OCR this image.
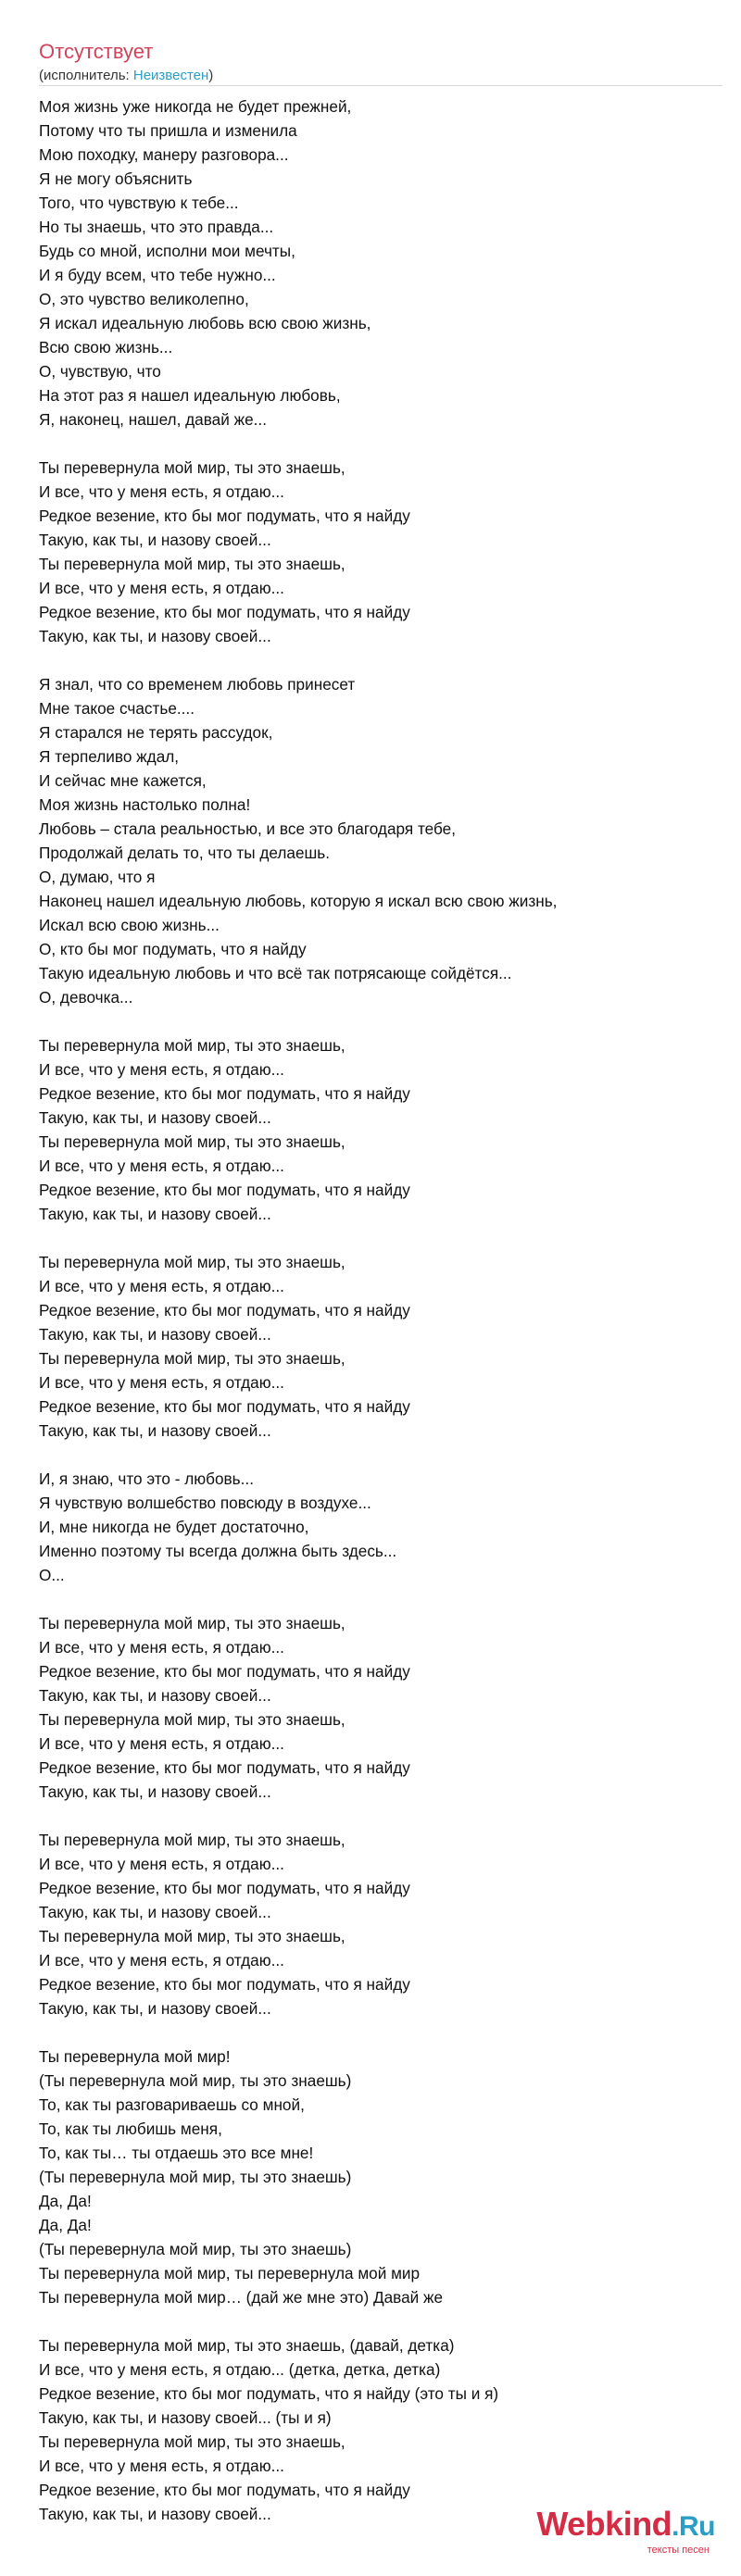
Отсутствует
(исполнитель: Неизвестен)
Моя жизнь уже никогда не будет прежней,
Потому что ты пришла и изменила
Мою походку, манеру разговора...
Я не могу объяснить
Того, что чувствую к тебе...
Но ты знаешь, что это правда...
Будь со мной, исполни мои мечты,
И я буду всем, что тебе нужно...
О, это чувство великолепно,
Я искал идеальную любовь всю свою жизнь,
Всю свою жизнь...
О, чувствую, что
На этот раз я нашел идеальную любовь,
Я, наконец, нашел, давай же...
Ты перевернула мой мир, ты это знаешь,
И все, что у меня есть, я отдаю...
Редкое везение, кто бы мог подумать, что я найду
Такую, как ты, и назову своей...
Ты перевернула мой мир, ты это знаешь,
И все, что у меня есть, я отдаю...
Редкое везение, кто бы мог подумать, что я найду
Такую, как ты, и назову своей...
Я знал, что со временем любовь принесет
Мне такое счастье....
Я старался не терять рассудок,
Я терпеливо ждал,
И сейчас мне кажется,
Моя жизнь настолько полна!
Любовь – стала реальностью, и все это благодаря тебе,
Продолжай делать то, что ты делаешь.
О, думаю, что я
Наконец нашел идеальную любовь, которую я искал всю свою жизнь,
Искал всю свою жизнь...
О, кто бы мог подумать, что я найду
Такую идеальную любовь и что всё так потрясающе сойдётся...
О, девочка...
Ты перевернула мой мир, ты это знаешь,
И все, что у меня есть, я отдаю...
Редкое везение, кто бы мог подумать, что я найду
Такую, как ты, и назову своей...
Ты перевернула мой мир, ты это знаешь,
И все, что у меня есть, я отдаю...
Редкое везение, кто бы мог подумать, что я найду
Такую, как ты, и назову своей...
Ты перевернула мой мир, ты это знаешь,
И все, что у меня есть, я отдаю...
Редкое везение, кто бы мог подумать, что я найду
Такую, как ты, и назову своей...
Ты перевернула мой мир, ты это знаешь,
И все, что у меня есть, я отдаю...
Редкое везение, кто бы мог подумать, что я найду
Такую, как ты, и назову своей...
И, я знаю, что это - любовь...
Я чувствую волшебство повсюду в воздухе...
И, мне никогда не будет достаточно,
Именно поэтому ты всегда должна быть здесь...
О...
Ты перевернула мой мир, ты это знаешь,
И все, что у меня есть, я отдаю...
Редкое везение, кто бы мог подумать, что я найду
Такую, как ты, и назову своей...
Ты перевернула мой мир, ты это знаешь,
И все, что у меня есть, я отдаю...
Редкое везение, кто бы мог подумать, что я найду
Такую, как ты, и назову своей...
Ты перевернула мой мир, ты это знаешь,
И все, что у меня есть, я отдаю...
Редкое везение, кто бы мог подумать, что я найду
Такую, как ты, и назову своей...
Ты перевернула мой мир, ты это знаешь,
И все, что у меня есть, я отдаю...
Редкое везение, кто бы мог подумать, что я найду
Такую, как ты, и назову своей...
Ты перевернула мой мир!
(Ты перевернула мой мир, ты это знаешь)
То, как ты разговариваешь со мной,
То, как ты любишь меня,
То, как ты… ты отдаешь это все мне!
(Ты перевернула мой мир, ты это знаешь)
Да, Да!
Да, Да!
(Ты перевернула мой мир, ты это знаешь)
Ты перевернула мой мир, ты перевернула мой мир
Ты перевернула мой мир… (дай же мне это) Давай же
Ты перевернула мой мир, ты это знаешь, (давай, детка)
И все, что у меня есть, я отдаю... (детка, детка, детка)
Редкое везение, кто бы мог подумать, что я найду (это ты и я)
Такую, как ты, и назову своей... (ты и я)
Ты перевернула мой мир, ты это знаешь,
И все, что у меня есть, я отдаю...
Редкое везение, кто бы мог подумать, что я найду
Такую, как ты, и назову своей...	Webkind.Ru
тексты песен
